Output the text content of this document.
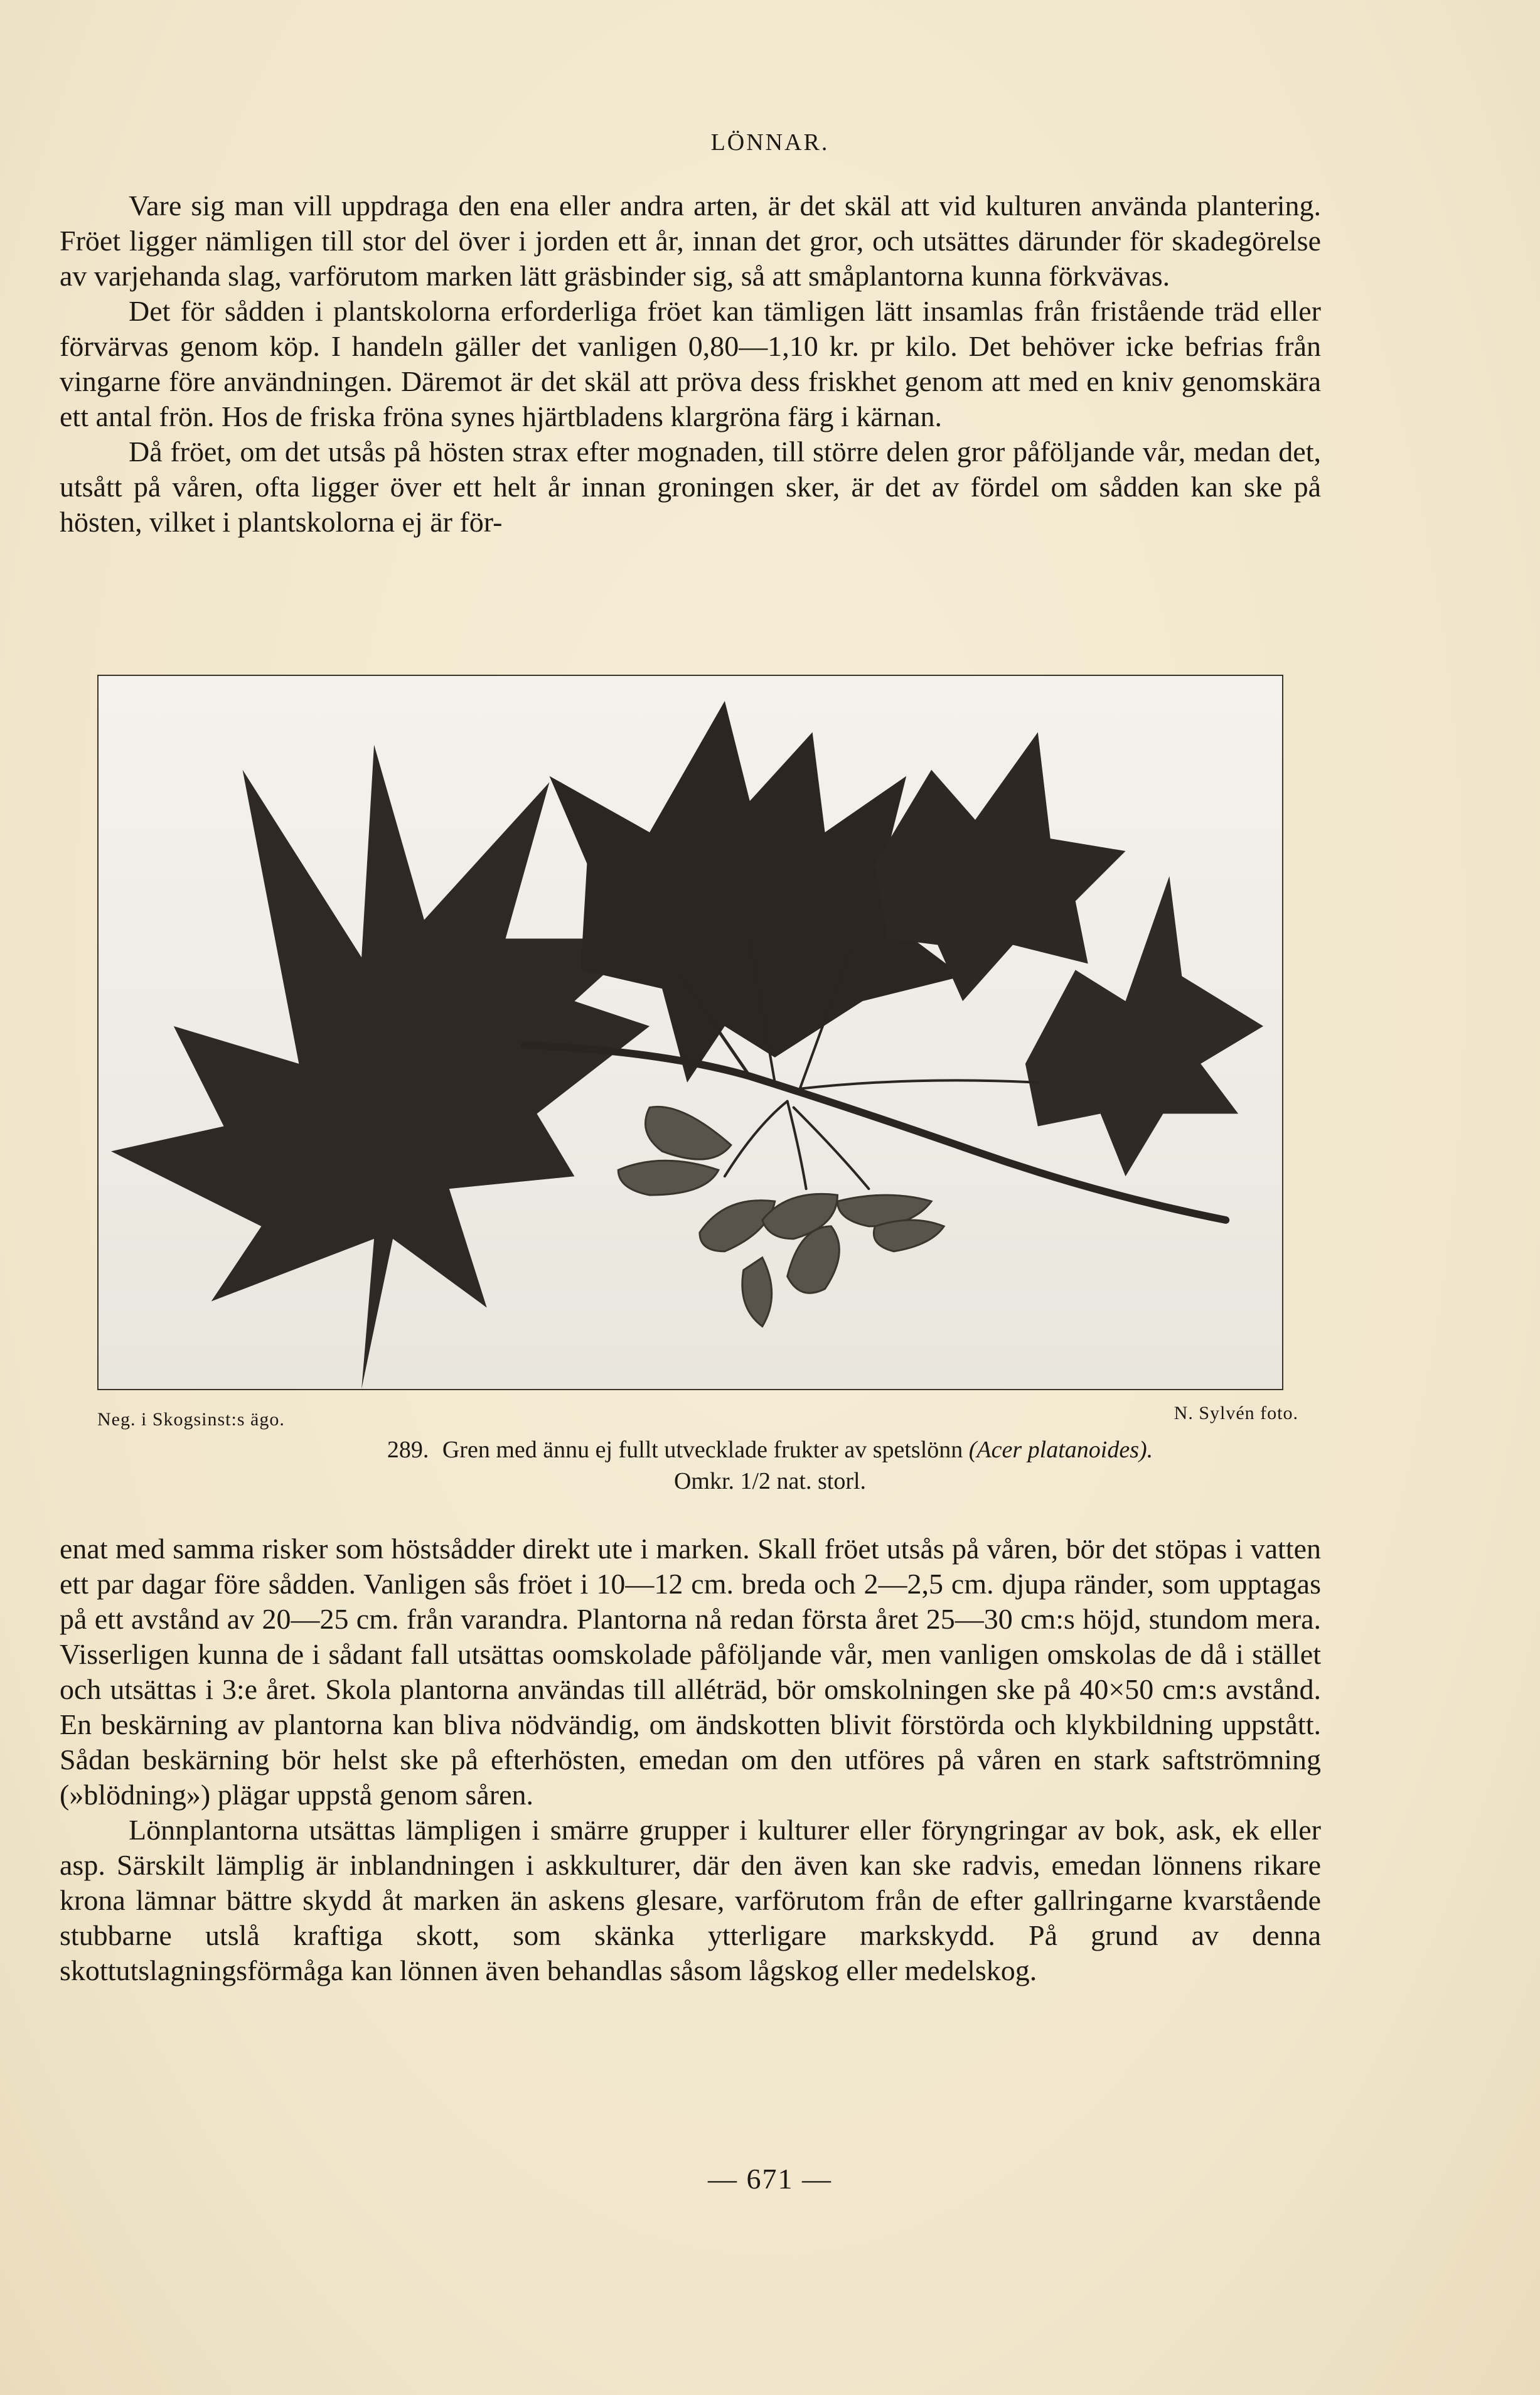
LÖNNAR.

Vare sig man vill uppdraga den ena eller andra arten, är det skäl att vid kulturen använda plantering. Fröet ligger nämligen till stor del över i jorden ett år, innan det gror, och utsättes därunder för skadegörelse av varjehanda slag, varförutom marken lätt gräsbinder sig, så att småplantorna kunna förkvävas.

Det för sådden i plantskolorna erforderliga fröet kan tämligen lätt insamlas från fristående träd eller förvärvas genom köp. I handeln gäller det vanligen 0,80—1,10 kr. pr kilo. Det behöver icke befrias från vingarne före användningen. Däremot är det skäl att pröva dess friskhet genom att med en kniv genomskära ett antal frön. Hos de friska fröna synes hjärtbladens klargröna färg i kärnan.

Då fröet, om det utsås på hösten strax efter mognaden, till större delen gror påföljande vår, medan det, utsått på våren, ofta ligger över ett helt år innan groningen sker, är det av fördel om sådden kan ske på hösten, vilket i plantskolorna ej är för-

Neg. i Skogsinst:s ägo.	N. Sylvén foto.
289. Gren med ännu ej fullt utvecklade frukter av spetslönn (Acer platanoides).
Omkr. 1/2 nat. storl.

enat med samma risker som höstsådder direkt ute i marken. Skall fröet utsås på våren, bör det stöpas i vatten ett par dagar före sådden. Vanligen sås fröet i 10—12 cm. breda och 2—2,5 cm. djupa ränder, som upptagas på ett avstånd av 20—25 cm. från varandra. Plantorna nå redan första året 25—30 cm:s höjd, stundom mera. Visserligen kunna de i sådant fall utsättas oomskolade påföljande vår, men vanligen omskolas de då i stället och utsättas i 3:e året. Skola plantorna användas till alléträd, bör omskolningen ske på 40×50 cm:s avstånd. En beskärning av plantorna kan bliva nödvändig, om ändskotten blivit förstörda och klykbildning uppstått. Sådan beskärning bör helst ske på efterhösten, emedan om den utföres på våren en stark saftströmning (»blödning») plägar uppstå genom såren.

Lönnplantorna utsättas lämpligen i smärre grupper i kulturer eller föryngringar av bok, ask, ek eller asp. Särskilt lämplig är inblandningen i askkulturer, där den även kan ske radvis, emedan lönnens rikare krona lämnar bättre skydd åt marken än askens glesare, varförutom från de efter gallringarne kvarstående stubbarne utslå kraftiga skott, som skänka ytterligare markskydd. På grund av denna skottutslagningsförmåga kan lönnen även behandlas såsom lågskog eller medelskog.

— 671 —
